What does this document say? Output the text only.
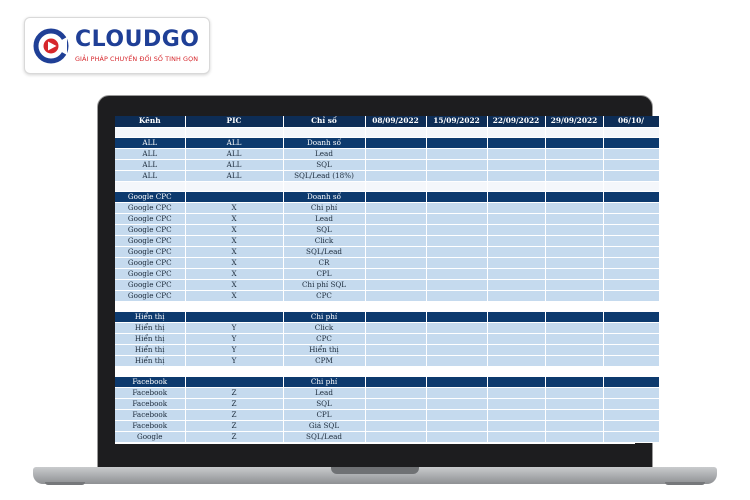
CLOUDGO
GIẢI PHÁP CHUYỂN ĐỔI SỐ TINH GỌN
Kênh	PIC	Chỉ số	08/09/2022	15/09/2022	22/09/2022	29/09/2022	06/10/

ALL	ALL	Doanh số					
ALL	ALL	Lead					
ALL	ALL	SQL					
ALL	ALL	SQL/Lead (18%)					

Google CPC		Doanh số					
Google CPC	X	Chi phí					
Google CPC	X	Lead					
Google CPC	X	SQL					
Google CPC	X	Click					
Google CPC	X	SQL/Lead					
Google CPC	X	CR					
Google CPC	X	CPL					
Google CPC	X	Chi phí SQL					
Google CPC	X	CPC					

Hiển thị		Chi phí					
Hiển thị	Y	Click					
Hiển thị	Y	CPC					
Hiển thị	Y	Hiển thị					
Hiển thị	Y	CPM					

Facebook		Chi phí					
Facebook	Z	Lead					
Facebook	Z	SQL					
Facebook	Z	CPL					
Facebook	Z	Giá SQL					
Google	Z	SQL/Lead					
